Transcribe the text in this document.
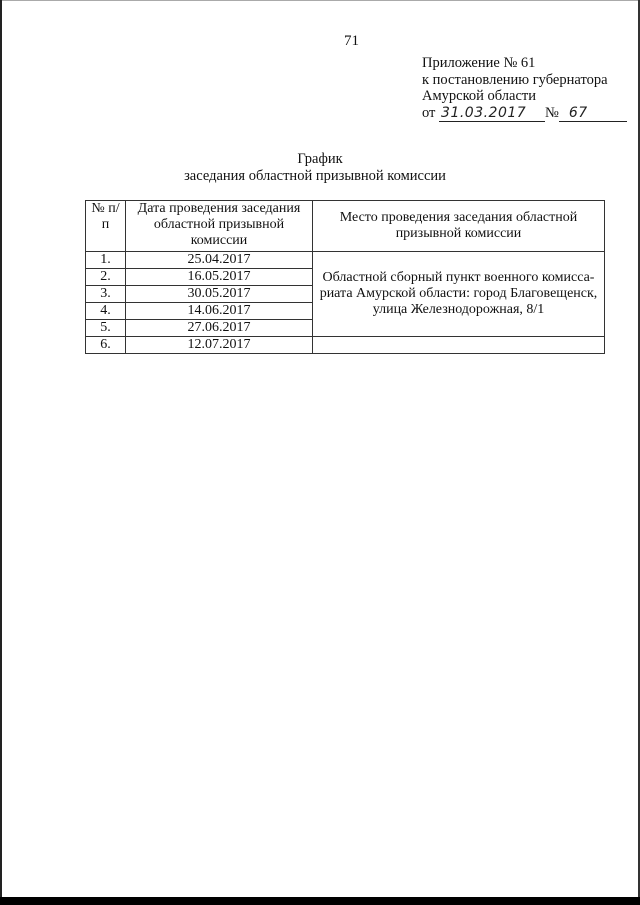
71
Приложение № 61
к постановлению губернатора
Амурской области
от 31.03.2017 № 67
График
заседания областной призывной комиссии
№ п/п	Дата проведения заседания областной призывной комиссии	Место проведения заседания областной призывной комиссии
1.	25.04.2017	Областной сборный пункт военного комисса-
риата Амурской области: город Благовещенск,
улица Железнодорожная, 8/1

2.	16.05.2017	
3.	30.05.2017	
4.	14.06.2017	
5.	27.06.2017	
6.	12.07.2017	
